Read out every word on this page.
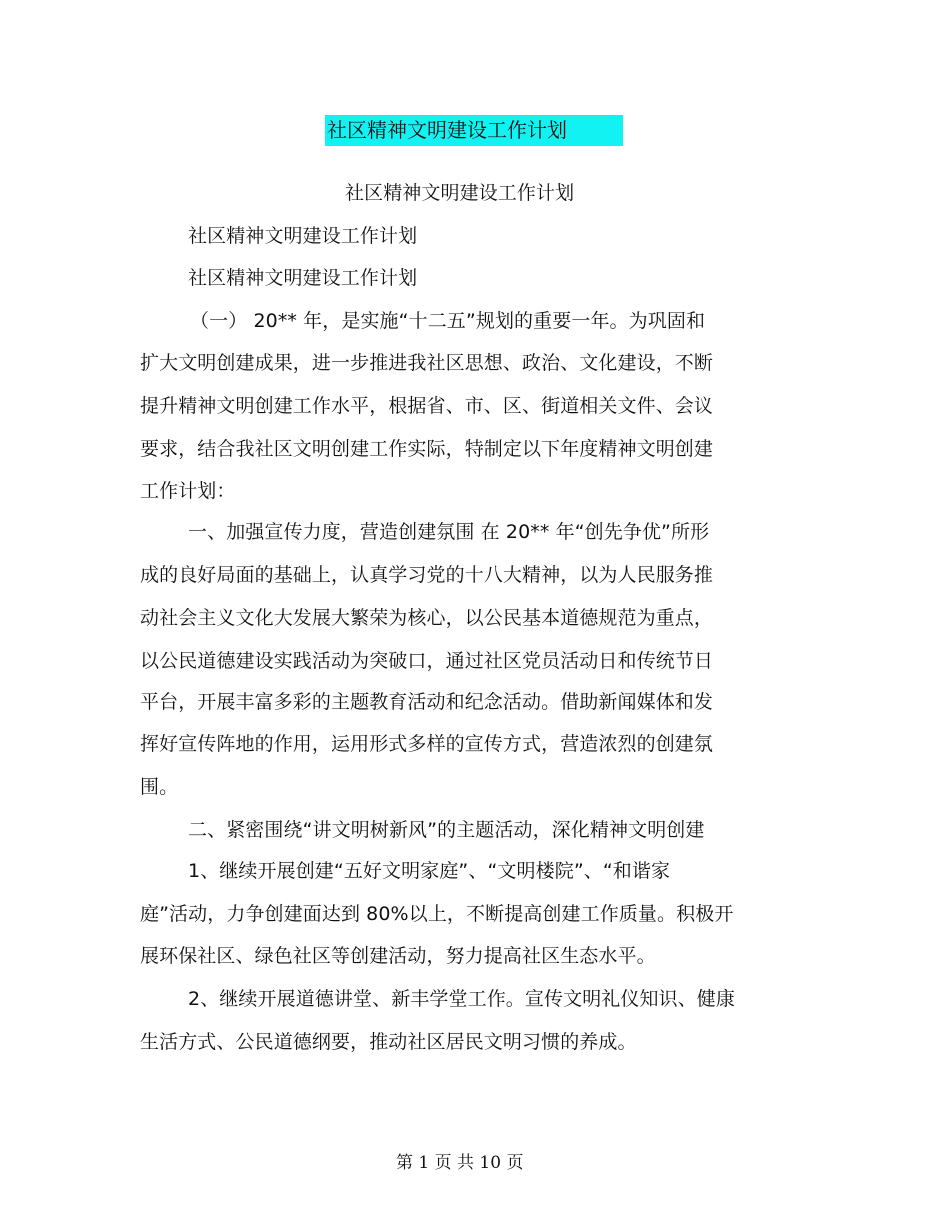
社区精神文明建设工作计划
社区精神文明建设工作计划
社区精神文明建设工作计划
社区精神文明建设工作计划
（一） 20** 年，是实施“十二五”规划的重要一年。为巩固和
扩大文明创建成果，进一步推进我社区思想、政治、文化建设，不断
提升精神文明创建工作水平，根据省、市、区、街道相关文件、会议
要求，结合我社区文明创建工作实际，特制定以下年度精神文明创建
工作计划：
一、加强宣传力度，营造创建氛围 在 20** 年“创先争优”所形
成的良好局面的基础上，认真学习党的十八大精神，以为人民服务推
动社会主义文化大发展大繁荣为核心，以公民基本道德规范为重点，
以公民道德建设实践活动为突破口，通过社区党员活动日和传统节日
平台，开展丰富多彩的主题教育活动和纪念活动。借助新闻媒体和发
挥好宣传阵地的作用，运用形式多样的宣传方式，营造浓烈的创建氛
围。
二、紧密围绕“讲文明树新风”的主题活动，深化精神文明创建
1、继续开展创建“五好文明家庭”、“文明楼院”、“和谐家
庭”活动，力争创建面达到 80%以上，不断提高创建工作质量。积极开
展环保社区、绿色社区等创建活动，努力提高社区生态水平。
2、继续开展道德讲堂、新丰学堂工作。宣传文明礼仪知识、健康
生活方式、公民道德纲要，推动社区居民文明习惯的养成。
第 1 页 共 10 页
